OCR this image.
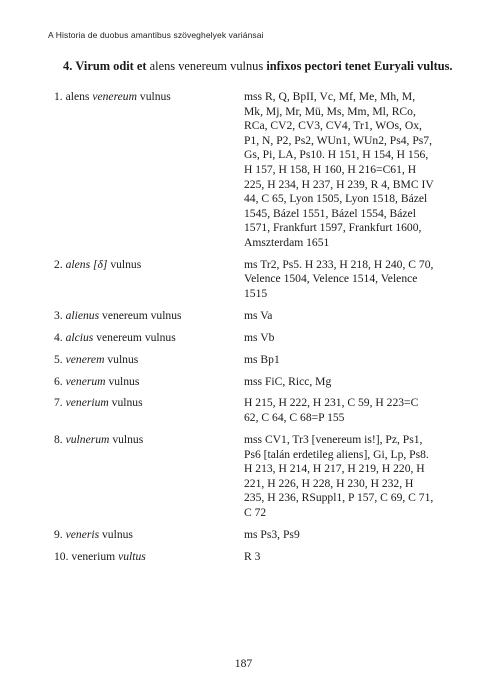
A Historia de duobus amantibus szöveghelyek variánsai
4. Virum odit et alens venereum vulnus infixos pectori tenet Euryali vultus.
1. alens venereum vulnus	mss R, Q, BpII, Vc, Mf, Me, Mh, M, Mk, Mj, Mr, Mü, Ms, Mm, Ml, RCo, RCa, CV2, CV3, CV4, Tr1, WOs, Ox, P1, N, P2, Ps2, WUn1, WUn2, Ps4, Ps7, Gs, Pi, LA, Ps10. H 151, H 154, H 156, H 157, H 158, H 160, H 216=C61, H 225, H 234, H 237, H 239, R 4, BMC IV 44, C 65, Lyon 1505, Lyon 1518, Bázel 1545, Bázel 1551, Bázel 1554, Bázel 1571, Frankfurt 1597, Frankfurt 1600, Amszterdam 1651
2. alens [δ] vulnus	ms Tr2, Ps5. H 233, H 218, H 240, C 70, Velence 1504, Velence 1514, Velence 1515
3. alienus venereum vulnus	ms Va
4. alcius venereum vulnus	ms Vb
5. venerem vulnus	ms Bp1
6. venerum vulnus	mss FiC, Ricc, Mg
7. venerium vulnus	H 215, H 222, H 231, C 59, H 223=C 62, C 64, C 68=P 155
8. vulnerum vulnus	mss CV1, Tr3 [venereum is!], Pz, Ps1, Ps6 [talán erdetileg aliens], Gi, Lp, Ps8. H 213, H 214, H 217, H 219, H 220, H 221, H 226, H 228, H 230, H 232, H 235, H 236, RSuppl1, P 157, C 69, C 71, C 72
9. veneris vulnus	ms Ps3, Ps9
10. venerium vultus	R 3
187
